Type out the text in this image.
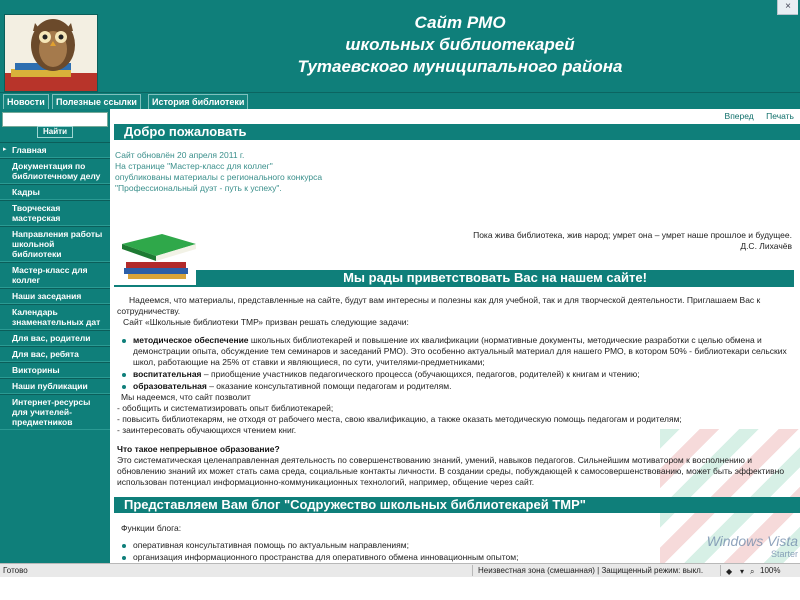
Сайт РМО
школьных библиотекарей
Тутаевского муниципального района
×
Новости	Полезные ссылки	История библиотеки
Найти
▸ Главная
Документация по библиотечному делу
Кадры
Творческая мастерская
Направления работы школьной библиотеки
Мастер-класс для коллег
Наши заседания
Календарь знаменательных дат
Для вас, родители
Для вас, ребята
Викторины
Наши публикации
Интернет-ресурсы для учителей-предметников
Вперед Печать
Добро пожаловать
Сайт обновлён 20 апреля 2011 г.
На странице "Мастер-класс для коллег"
опубликованы материалы с регионального конкурса
"Профессиональный дуэт - путь к успеху".
Пока жива библиотека, жив народ; умрет она – умрет наше прошлое и будущее.
Д.С. Лихачёв
Мы рады приветствовать Вас на нашем сайте!
Надеемся, что материалы, представленные на сайте, будут вам интересны и полезны как для учебной, так и для творческой деятельности. Приглашаем Вас к сотрудничеству.
Сайт «Школьные библиотеки ТМР» призван решать следующие задачи:
методическое обеспечение школьных библиотекарей и повышение их квалификации (нормативные документы, методические разработки с целью обмена и демонстрации опыта, обсуждение тем семинаров и заседаний РМО). Это особенно актуальный материал для нашего РМО, в котором 50% - библиотекари сельских школ, работающие на 25% от ставки и являющиеся, по сути, учителями-предметниками;
воспитательная – приобщение участников педагогического процесса (обучающихся, педагогов, родителей) к книгам и чтению;
образовательная – оказание консультативной помощи педагогам и родителям.
Мы надеемся, что сайт позволит
- обобщить и систематизировать опыт библиотекарей;
- повысить библиотекарям, не отходя от рабочего места, свою квалификацию, а также оказать методическую помощь педагогам и родителям;
- заинтересовать обучающихся чтением книг.
Что такое непрерывное образование?
Это систематическая целенаправленная деятельность по совершенствованию знаний, умений, навыков педагогов. Сильнейшим мотиватором к восполнению и обновлению знаний их может стать сама среда, социальные контакты личности. В создании среды, побуждающей к самосовершенствованию, может быть эффективно использован потенциал информационно-коммуникационных технологий, например, общение через сайт.
Представляем Вам блог "Содружество школьных библиотекарей ТМР"
Функции блога:
оперативная консультативная помощь по актуальным направлениям;
организация информационного пространства для оперативного обмена инновационным опытом;
Windows Vista
Starter
Готово	Неизвестная зона (смешанная) | Защищенный режим: выкл.	◆ ▾ ⌕ 100%
